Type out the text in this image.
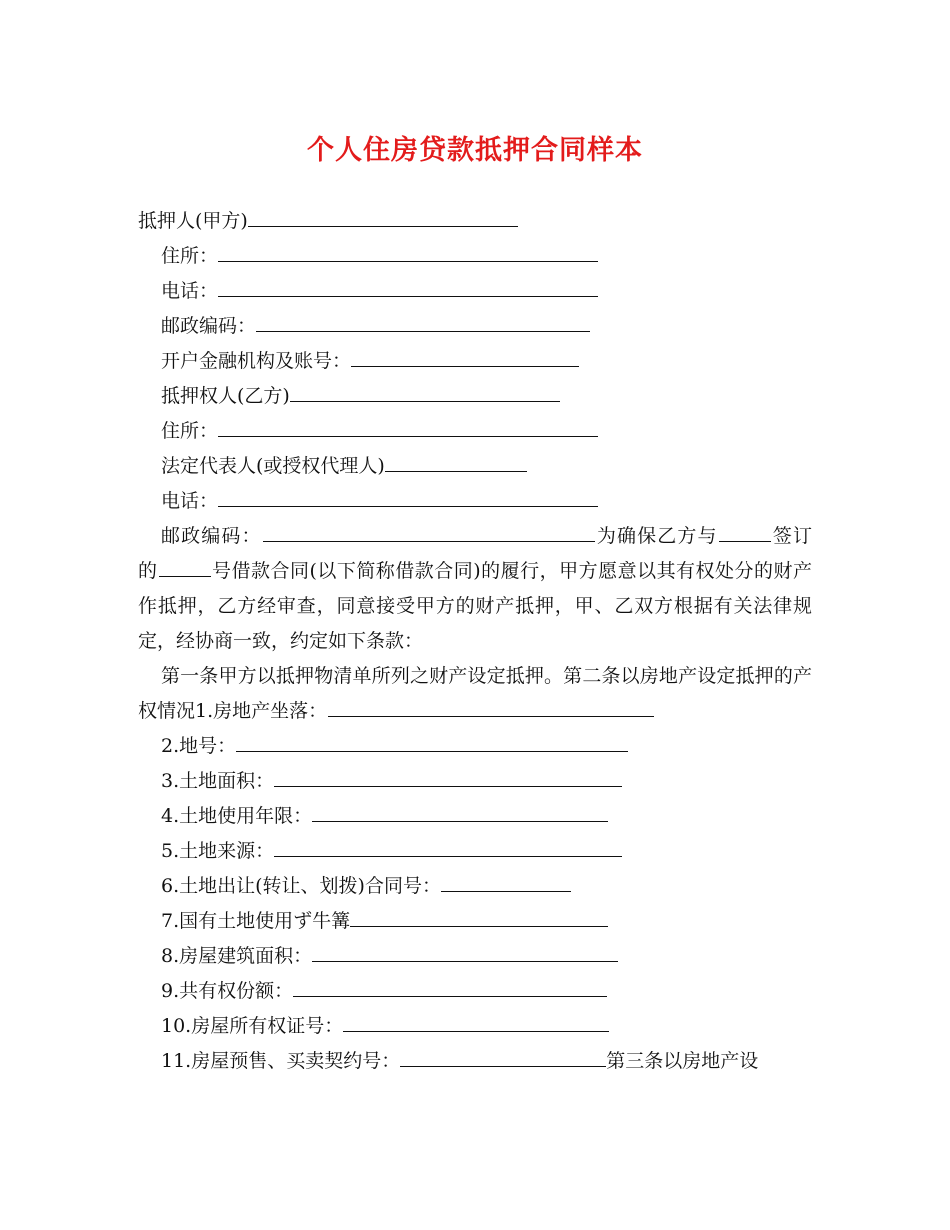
个人住房贷款抵押合同样本
抵押人(甲方)
住所：
电话：
邮政编码：
开户金融机构及账号：
抵押权人(乙方)
住所：
法定代表人(或授权代理人)
电话：
邮政编码：	为确保乙方与	签订的	号借款合同(以下简称借款合同)的履行，甲方愿意以其有权处分的财产作抵押，乙方经审查，同意接受甲方的财产抵押，甲、乙双方根据有关法律规定，经协商一致，约定如下条款：
第一条甲方以抵押物清单所列之财产设定抵押。第二条以房地产设定抵押的产权情况1.房地产坐落：
2.地号：
3.土地面积：
4.土地使用年限：
5.土地来源：
6.土地出让(转让、划拨)合同号：
7.国有土地使用ず牛篝
8.房屋建筑面积：
9.共有权份额：
10.房屋所有权证号：
11.房屋预售、买卖契约号：	第三条以房地产设
